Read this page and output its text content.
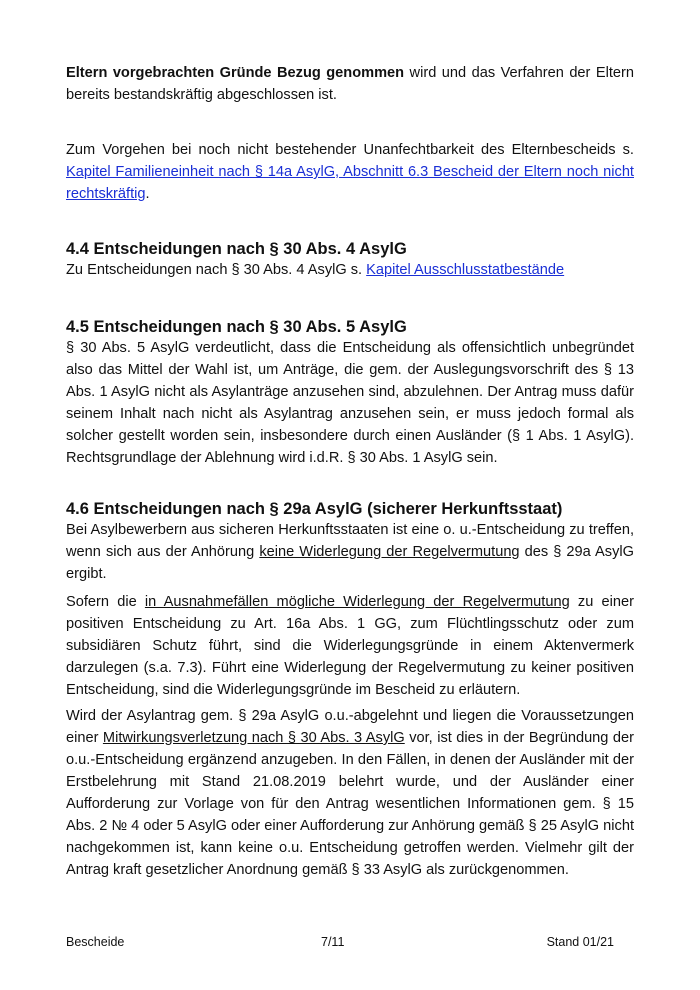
Eltern vorgebrachten Gründe Bezug genommen wird und das Verfahren der Eltern bereits bestandskräftig abgeschlossen ist.

Zum Vorgehen bei noch nicht bestehender Unanfechtbarkeit des Elternbescheids s. Kapitel Familieneinheit nach § 14a AsylG, Abschnitt 6.3 Bescheid der Eltern noch nicht rechtskräftig.

4.4 Entscheidungen nach § 30 Abs. 4 AsylG

Zu Entscheidungen nach § 30 Abs. 4 AsylG s. Kapitel Ausschlusstatbestände

4.5 Entscheidungen nach § 30 Abs. 5 AsylG

§ 30 Abs. 5 AsylG verdeutlicht, dass die Entscheidung als offensichtlich unbegründet also das Mittel der Wahl ist, um Anträge, die gem. der Auslegungsvorschrift des § 13 Abs. 1 AsylG nicht als Asylanträge anzusehen sind, abzulehnen. Der Antrag muss dafür seinem Inhalt nach nicht als Asylantrag anzusehen sein, er muss jedoch formal als solcher gestellt worden sein, insbesondere durch einen Ausländer (§ 1 Abs. 1 AsylG). Rechtsgrundlage der Ablehnung wird i.d.R. § 30 Abs. 1 AsylG sein.

4.6 Entscheidungen nach § 29a AsylG (sicherer Herkunftsstaat)

Bei Asylbewerbern aus sicheren Herkunftsstaaten ist eine o. u.-Entscheidung zu treffen, wenn sich aus der Anhörung keine Widerlegung der Regelvermutung des § 29a AsylG ergibt.

Sofern die in Ausnahmefällen mögliche Widerlegung der Regelvermutung zu einer positiven Entscheidung zu Art. 16a Abs. 1 GG, zum Flüchtlingsschutz oder zum subsidiären Schutz führt, sind die Widerlegungsgründe in einem Aktenvermerk darzulegen (s.a. 7.3). Führt eine Widerlegung der Regelvermutung zu keiner positiven Entscheidung, sind die Widerlegungsgründe im Bescheid zu erläutern.

Wird der Asylantrag gem. § 29a AsylG o.u.-abgelehnt und liegen die Voraussetzungen einer Mitwirkungsverletzung nach § 30 Abs. 3 AsylG vor, ist dies in der Begründung der o.u.-Entscheidung ergänzend anzugeben. In den Fällen, in denen der Ausländer mit der Erstbelehrung mit Stand 21.08.2019 belehrt wurde, und der Ausländer einer Aufforderung zur Vorlage von für den Antrag wesentlichen Informationen gem. § 15 Abs. 2 № 4 oder 5 AsylG oder einer Aufforderung zur Anhörung gemäß § 25 AsylG nicht nachgekommen ist, kann keine o.u. Entscheidung getroffen werden. Vielmehr gilt der Antrag kraft gesetzlicher Anordnung gemäß § 33 AsylG als zurückgenommen.

Bescheide	7/11	Stand 01/21
